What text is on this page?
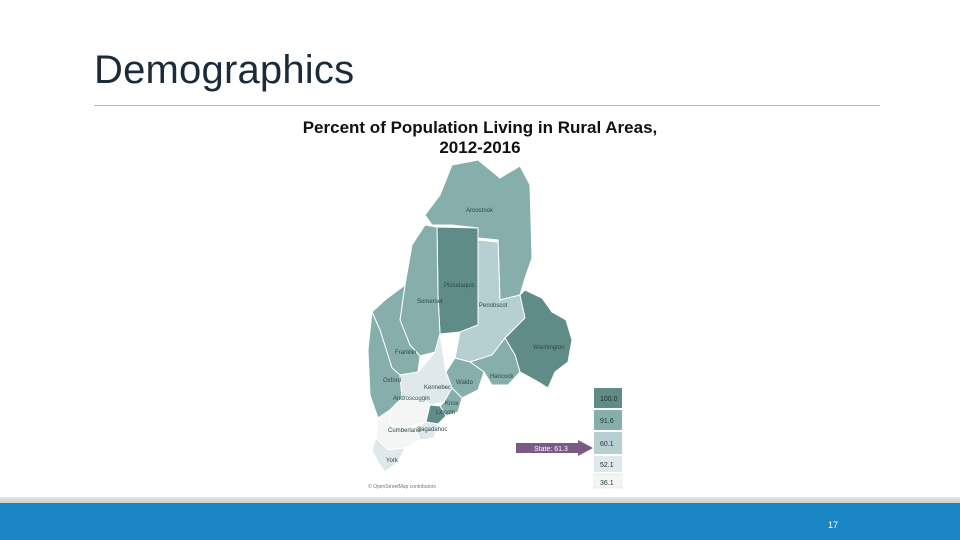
Demographics
Percent of Population Living in Rural Areas,
2012-2016
Aroostook
Piscataquis
Penobscot
Somerset
Franklin
Washington
Hancock
Waldo
Oxford
Kennebec
Androscoggin
Knox
Lincoln
Sagadahoc
Cumberland
York
100.0
91.6
60.1
52.1
36.1
State: 61.3
© OpenStreetMap contributors
17
